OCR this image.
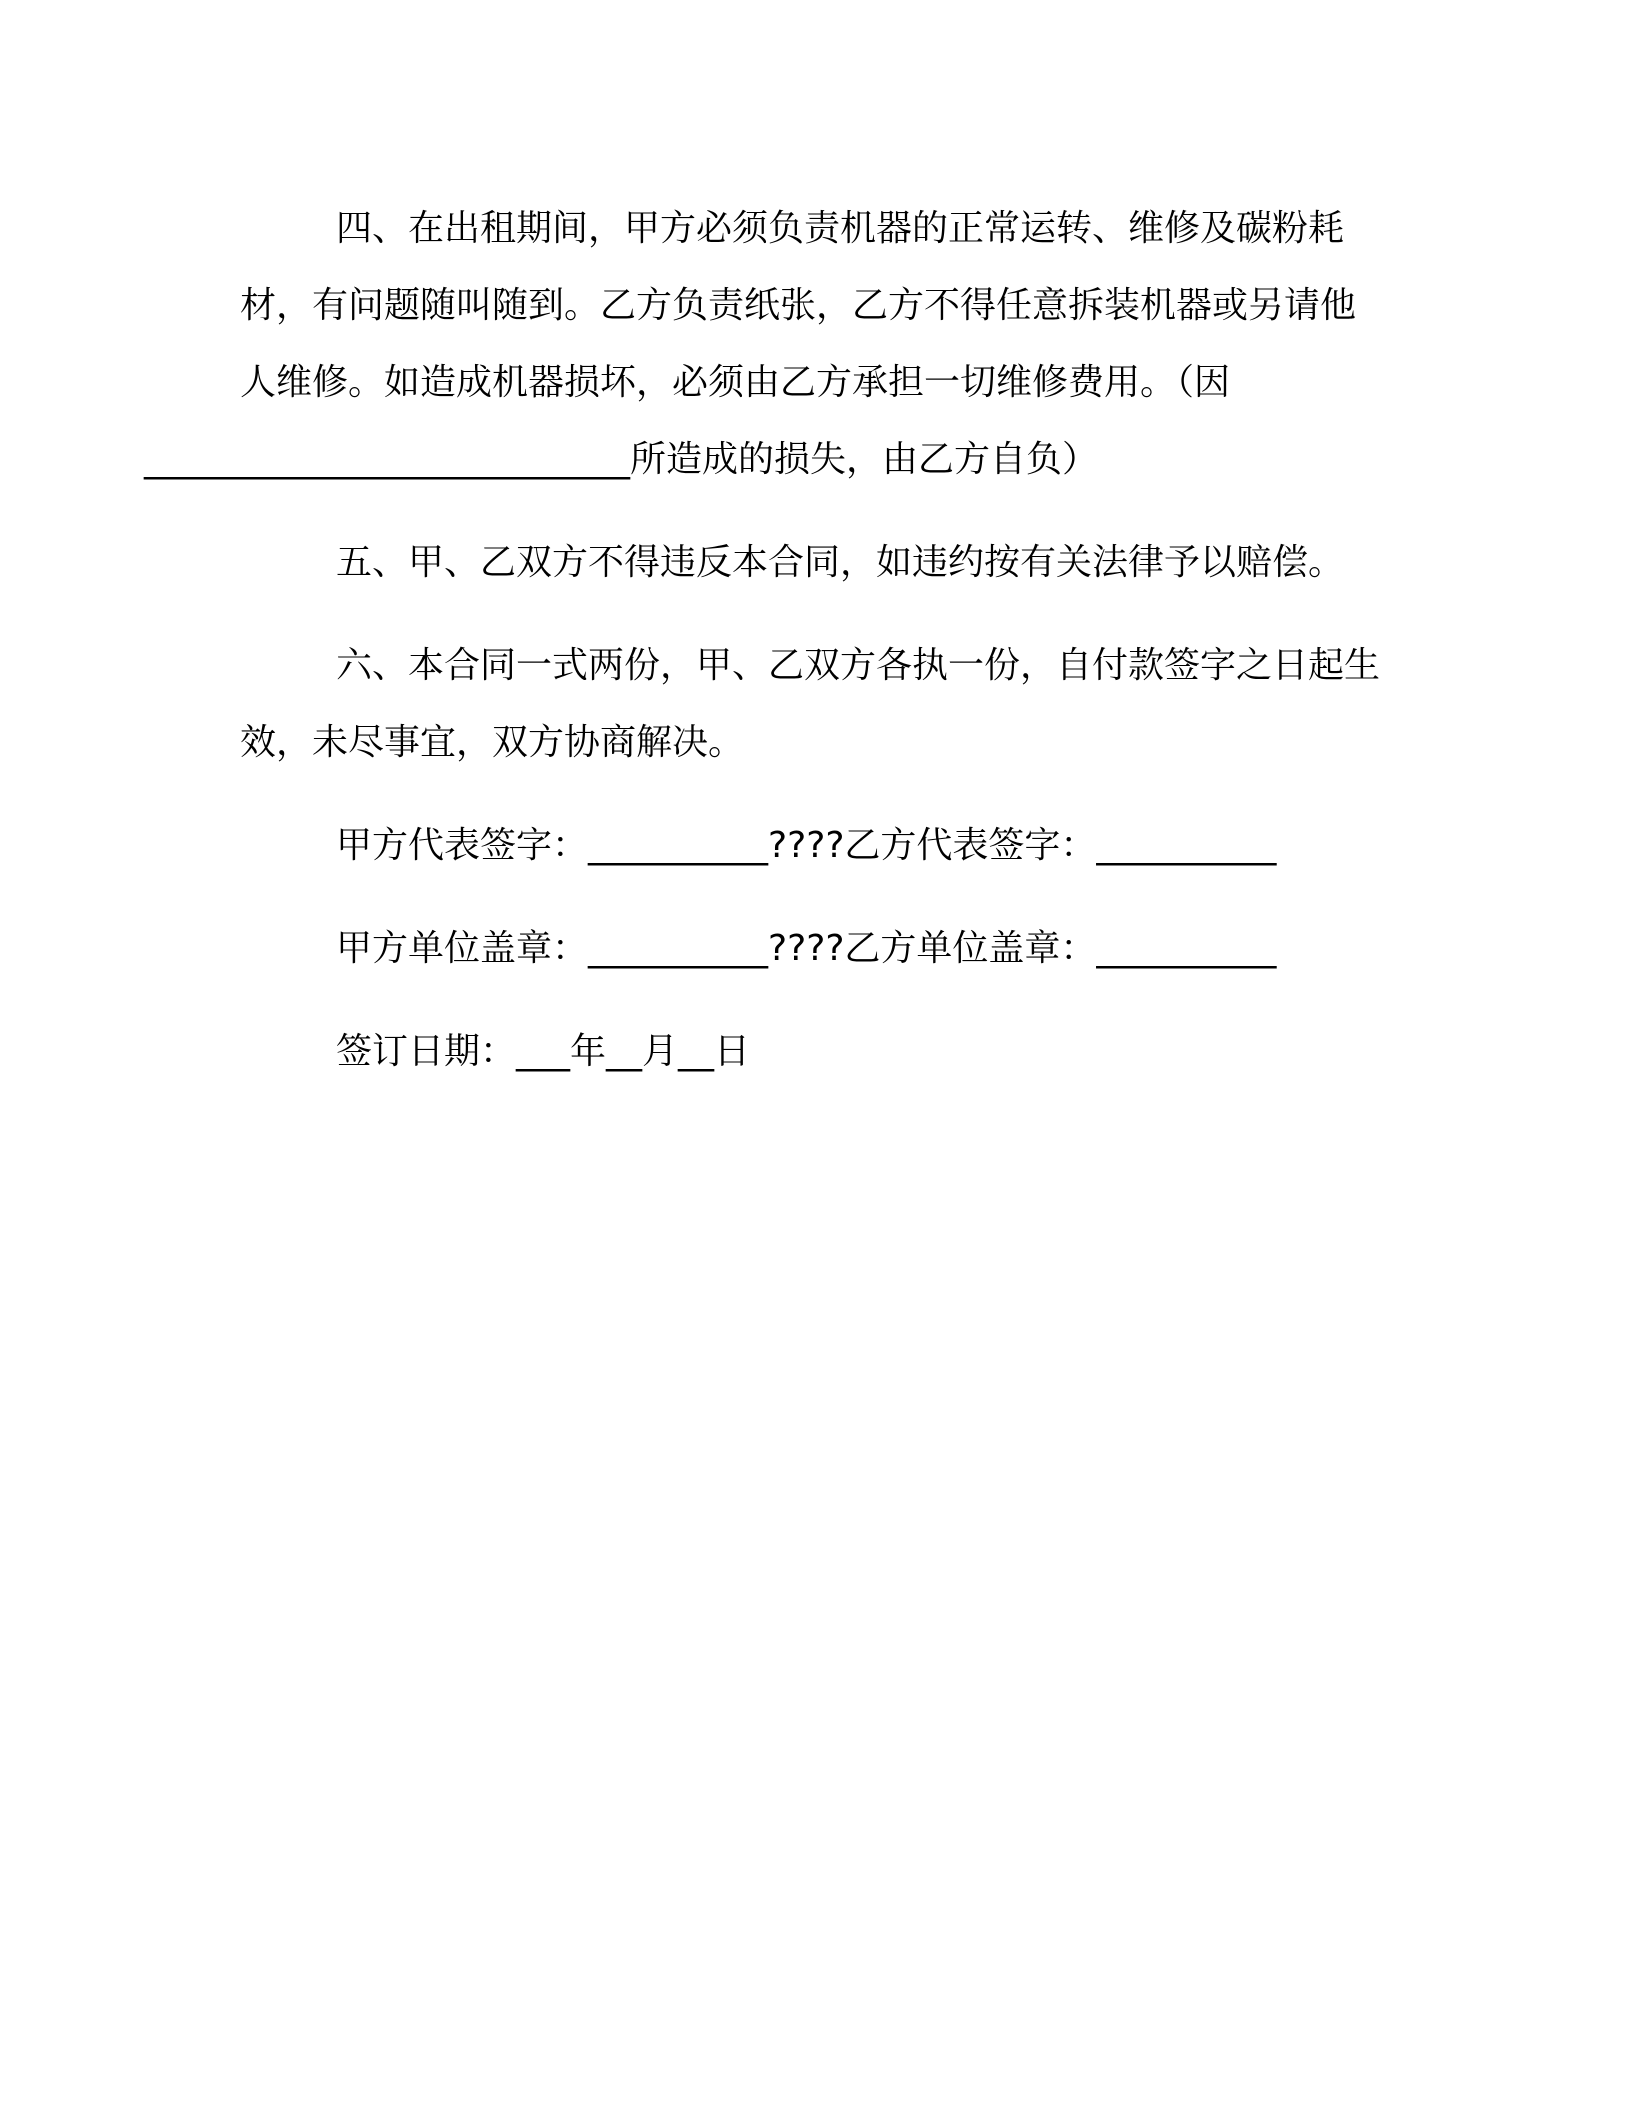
四、在出租期间，甲方必须负责机器的正常运转、维修及碳粉耗材，有问题随叫随到。乙方负责纸张，乙方不得任意拆装机器或另请他人维修。如造成机器损坏，必须由乙方承担一切维修费用。（因
___________________________所造成的损失，由乙方自负）

五、甲、乙双方不得违反本合同，如违约按有关法律予以赔偿。

六、本合同一式两份，甲、乙双方各执一份，自付款签字之日起生效，未尽事宜，双方协商解决。

甲方代表签字：__________????乙方代表签字：__________
甲方单位盖章：__________????乙方单位盖章：__________
签订日期：___年__月__日
